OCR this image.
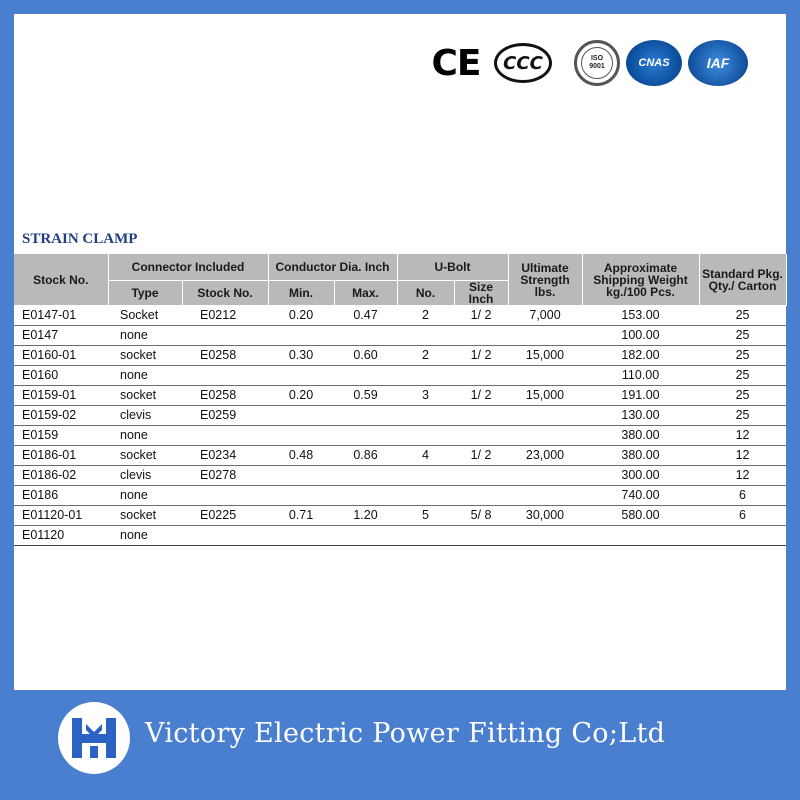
CE CCC	ISO
9001	CNAS	IAF
STRAIN CLAMP
Stock No.	Connector Included		Conductor Dia. Inch		U-Bolt		Ultimate Strength lbs.	Approximate Shipping Weight kg./100 Pcs.	Standard Pkg. Qty./ Carton
	Type	Stock No.	Min.	Max.	No.	Size Inch			
E0147-01	Socket	E0212	0.20	0.47	2	1/ 2	7,000	153.00	25
E0147	none							100.00	25
E0160-01	socket	E0258	0.30	0.60	2	1/ 2	15,000	182.00	25
E0160	none							110.00	25
E0159-01	socket	E0258	0.20	0.59	3	1/ 2	15,000	191.00	25
E0159-02	clevis	E0259						130.00	25
E0159	none							380.00	12
E0186-01	socket	E0234	0.48	0.86	4	1/ 2	23,000	380.00	12
E0186-02	clevis	E0278						300.00	12
E0186	none							740.00	6
E01120-01	socket	E0225	0.71	1.20	5	5/ 8	30,000	580.00	6
E01120	none								
Victory Electric Power Fitting Co;Ltd
